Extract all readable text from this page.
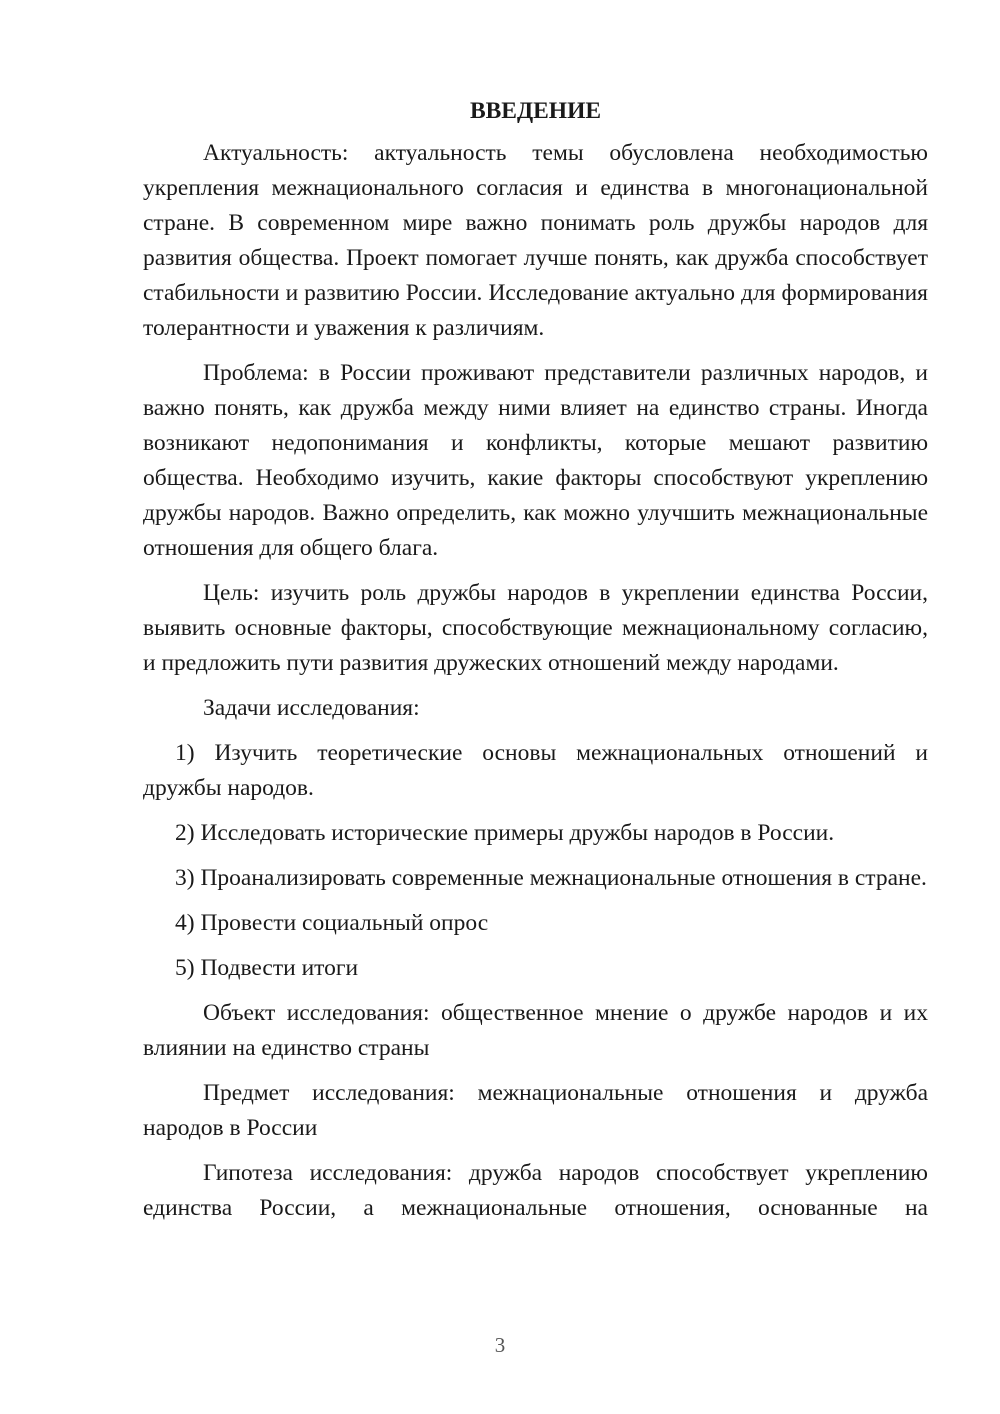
ВВЕДЕНИЕ

Актуальность: актуальность темы обусловлена необходимостью укрепления межнационального согласия и единства в многонациональной стране. В современном мире важно понимать роль дружбы народов для развития общества. Проект помогает лучше понять, как дружба способствует стабильности и развитию России. Исследование актуально для формирования толерантности и уважения к различиям.

Проблема: в России проживают представители различных народов, и важно понять, как дружба между ними влияет на единство страны. Иногда возникают недопонимания и конфликты, которые мешают развитию общества. Необходимо изучить, какие факторы способствуют укреплению дружбы народов. Важно определить, как можно улучшить межнациональные отношения для общего блага.

Цель: изучить роль дружбы народов в укреплении единства России, выявить основные факторы, способствующие межнациональному согласию, и предложить пути развития дружеских отношений между народами.

Задачи исследования:

1) Изучить теоретические основы межнациональных отношений и дружбы народов.

2) Исследовать исторические примеры дружбы народов в России.

3) Проанализировать современные межнациональные отношения в стране.

4) Провести социальный опрос

5) Подвести итоги

Объект исследования: общественное мнение о дружбе народов и их влиянии на единство страны

Предмет исследования: межнациональные отношения и дружба народов в России

Гипотеза исследования: дружба народов способствует укреплению единства России, а межнациональные отношения, основанные на

3
